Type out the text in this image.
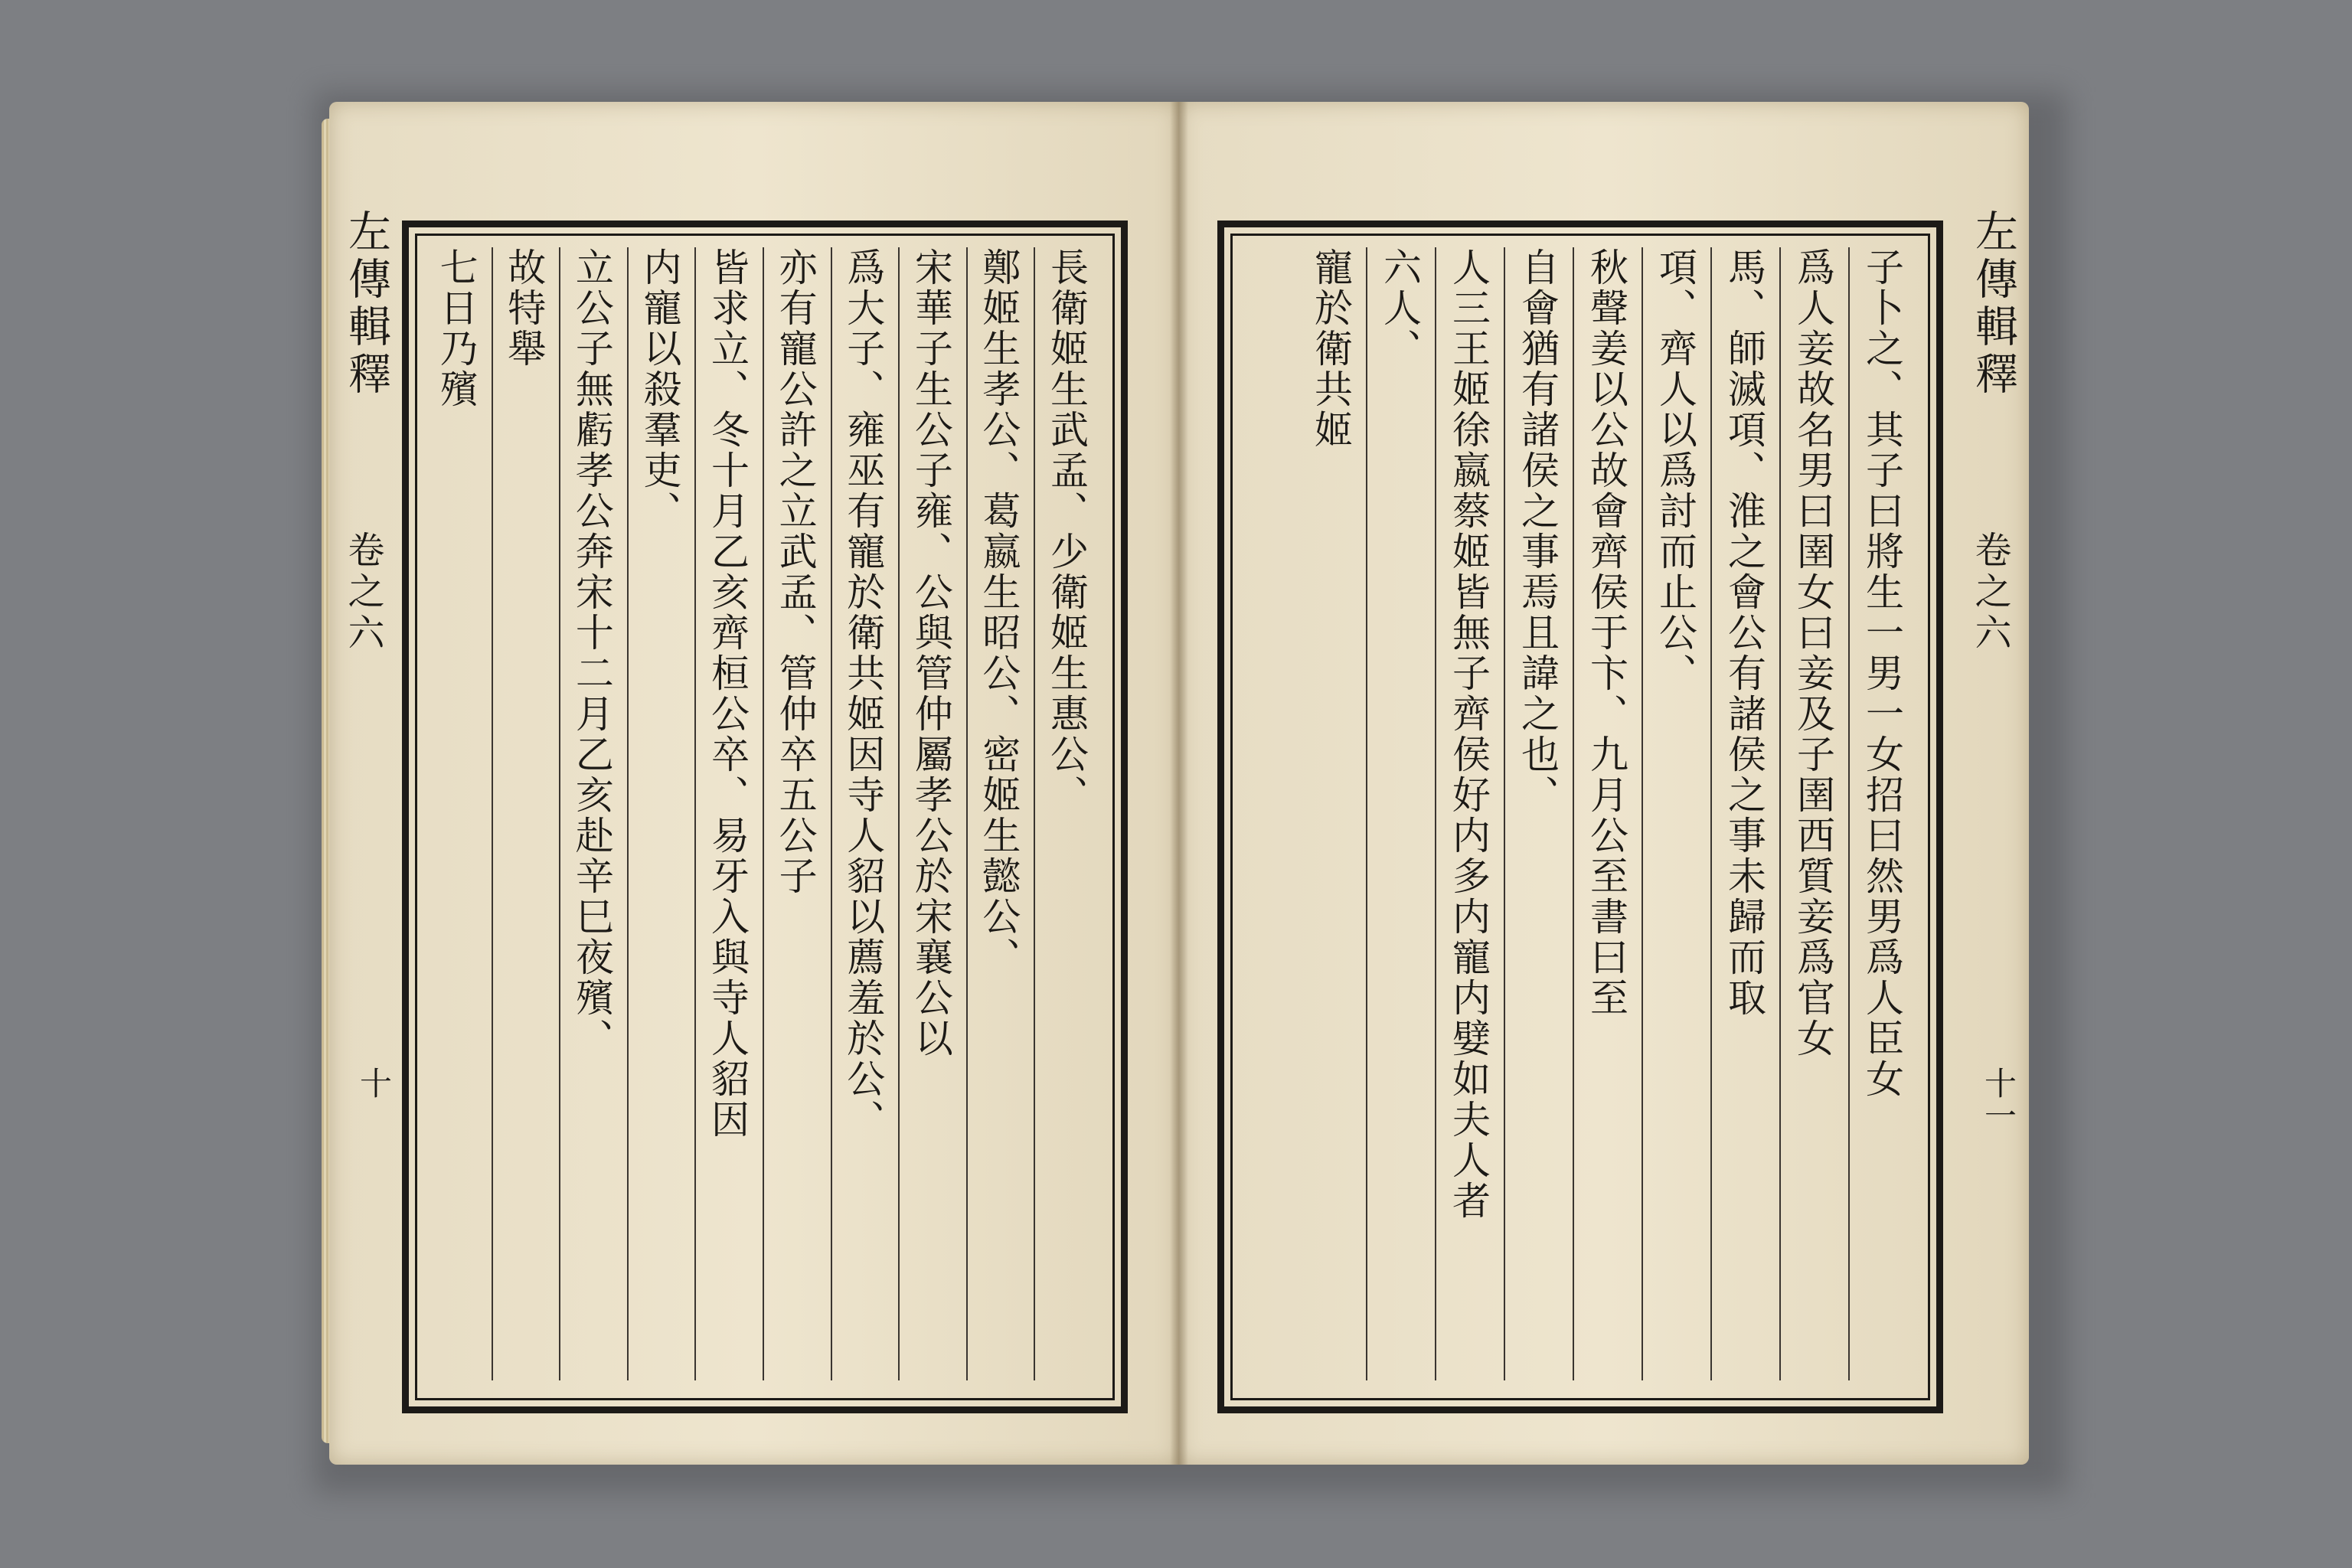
左傳輯釋
卷之六
十
長衛姬生武孟、少衛姬生惠公、
鄭姬生孝公、葛嬴生昭公、密姬生懿公、
宋華子生公子雍、公與管仲屬孝公於宋襄公以
爲大子、雍巫有寵於衛共姬因寺人貂以薦羞於公、
亦有寵公許之立武孟、管仲卒五公子
皆求立、冬十月乙亥齊桓公卒、易牙入與寺人貂因
内寵以殺羣吏、
立公子無虧孝公奔宋十二月乙亥赴辛巳夜殯、
故特舉
七日乃殯	子卜之、其子曰將生一男一女招曰然男爲人臣女
爲人妾故名男曰圉女曰妾及子圉西質妾爲官女
馬、師滅項、淮之會公有諸侯之事未歸而取
項、齊人以爲討而止公、
秋聲姜以公故會齊侯于卞、九月公至書曰至
自會猶有諸侯之事焉且諱之也、
人三王姬徐嬴蔡姬皆無子齊侯好内多内寵内嬖如夫人者
六人、
寵於衛共姬	左傳輯釋
卷之六
十一
